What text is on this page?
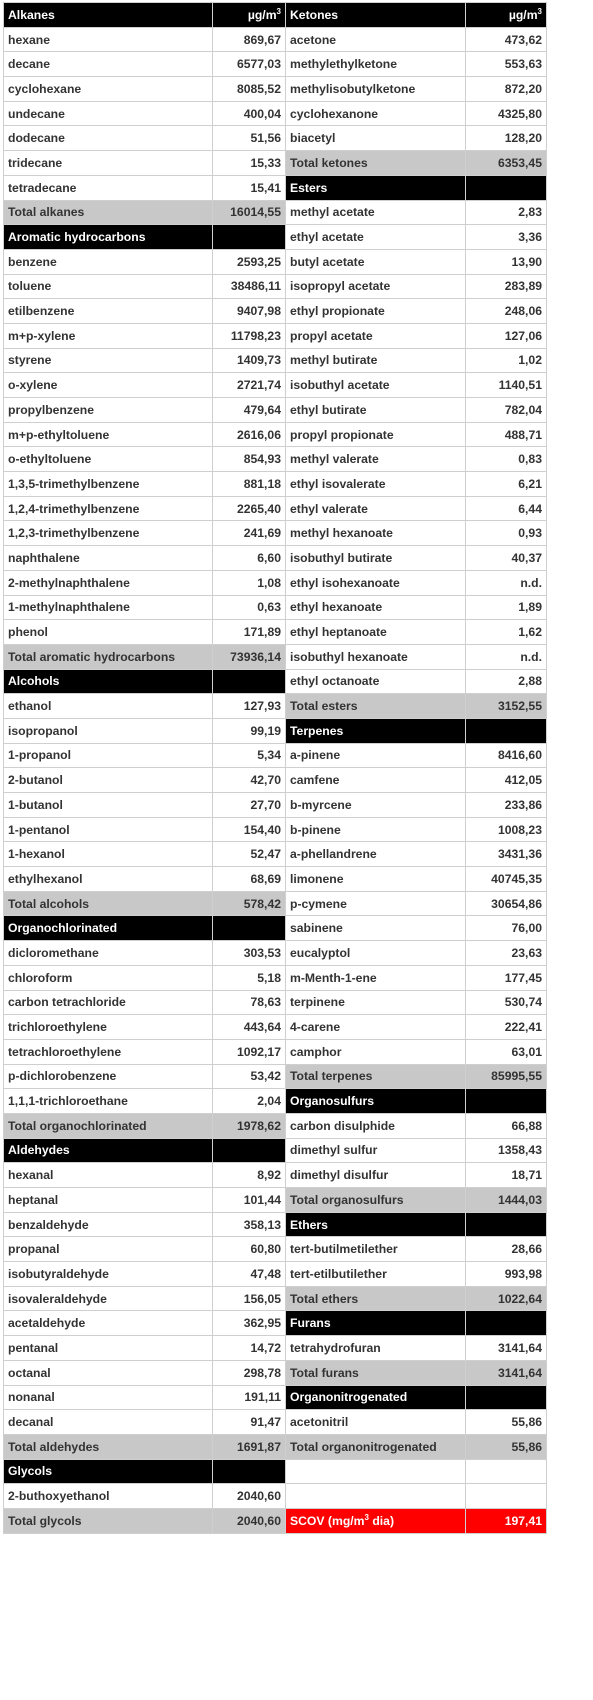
Alkanes	$\mu g/m^3$	Ketones	$\mu g/m^3$
hexane	869,67	acetone	473,62
decane	6577,03	methylethylketone	553,63
cyclohexane	8085,52	methylisobutylketone	872,20
undecane	400,04	cyclohexanone	4325,80
dodecane	51,56	biacetyl	128,20
tridecane	15,33	Total ketones	6353,45
tetradecane	15,41	Esters	
Total alkanes	16014,55	methyl acetate	2,83
Aromatic hydrocarbons		ethyl acetate	3,36
benzene	2593,25	butyl acetate	13,90
toluene	38486,11	isopropyl acetate	283,89
etilbenzene	9407,98	ethyl propionate	248,06
m+p-xylene	11798,23	propyl acetate	127,06
styrene	1409,73	methyl butirate	1,02
o-xylene	2721,74	isobuthyl acetate	1140,51
propylbenzene	479,64	ethyl butirate	782,04
m+p-ethyltoluene	2616,06	propyl propionate	488,71
o-ethyltoluene	854,93	methyl valerate	0,83
1,3,5-trimethylbenzene	881,18	ethyl isovalerate	6,21
1,2,4-trimethylbenzene	2265,40	ethyl valerate	6,44
1,2,3-trimethylbenzene	241,69	methyl hexanoate	0,93
naphthalene	6,60	isobuthyl butirate	40,37
2-methylnaphthalene	1,08	ethyl isohexanoate	n.d.
1-methylnaphthalene	0,63	ethyl hexanoate	1,89
phenol	171,89	ethyl heptanoate	1,62
Total aromatic hydrocarbons	73936,14	isobuthyl hexanoate	n.d.
Alcohols		ethyl octanoate	2,88
ethanol	127,93	Total esters	3152,55
isopropanol	99,19	Terpenes	
1-propanol	5,34	a-pinene	8416,60
2-butanol	42,70	camfene	412,05
1-butanol	27,70	b-myrcene	233,86
1-pentanol	154,40	b-pinene	1008,23
1-hexanol	52,47	a-phellandrene	3431,36
ethylhexanol	68,69	limonene	40745,35
Total alcohols	578,42	p-cymene	30654,86
Organochlorinated		sabinene	76,00
dicloromethane	303,53	eucalyptol	23,63
chloroform	5,18	m-Menth-1-ene	177,45
carbon tetrachloride	78,63	terpinene	530,74
trichloroethylene	443,64	4-carene	222,41
tetrachloroethylene	1092,17	camphor	63,01
p-dichlorobenzene	53,42	Total terpenes	85995,55
1,1,1-trichloroethane	2,04	Organosulfurs	
Total organochlorinated	1978,62	carbon disulphide	66,88
Aldehydes		dimethyl sulfur	1358,43
hexanal	8,92	dimethyl disulfur	18,71
heptanal	101,44	Total organosulfurs	1444,03
benzaldehyde	358,13	Ethers	
propanal	60,80	tert-butilmetilether	28,66
isobutyraldehyde	47,48	tert-etilbutilether	993,98
isovaleraldehyde	156,05	Total ethers	1022,64
acetaldehyde	362,95	Furans	
pentanal	14,72	tetrahydrofuran	3141,64
octanal	298,78	Total furans	3141,64
nonanal	191,11	Organonitrogenated	
decanal	91,47	acetonitril	55,86
Total aldehydes	1691,87	Total organonitrogenated	55,86
Glycols			
2-buthoxyethanol	2040,60		
Total glycols	2040,60	SCOV ($mg/m^3$ dia)	197,41
